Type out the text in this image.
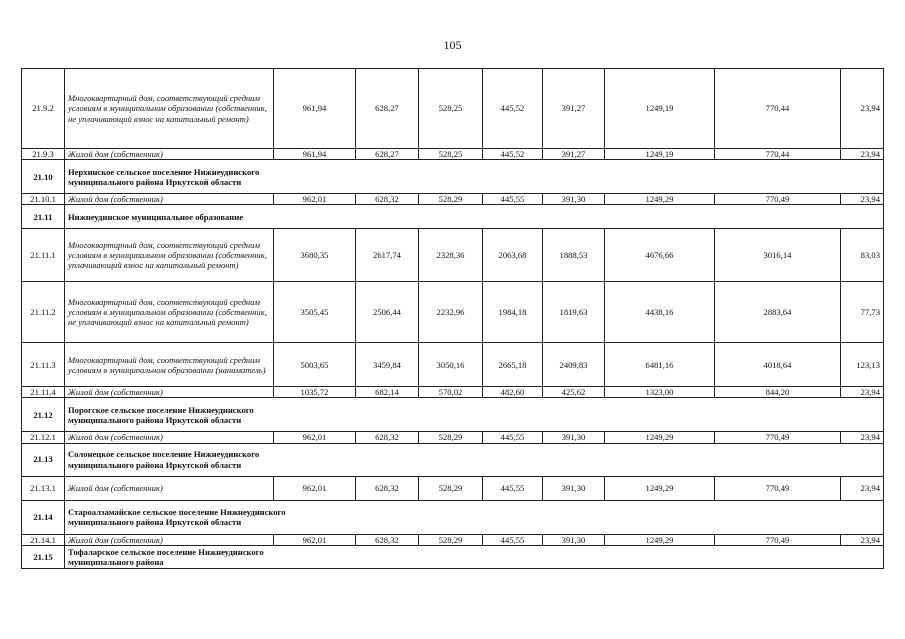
105
21.9.2	Многоквартирный дом, соответствующий средним условиям в муниципальном образовании (собственник, не уплачивающий взнос на капитальный ремонт)	961,94	628,27	528,25	445,52	391,27	1249,19	770,44	23,94
21.9.3	Жилой дом (собственник)	961,94	628,27	528,25	445,52	391,27	1249,19	770,44	23,94
21.10	Нерхинское сельское поселение Нижнеудинского муниципального района Иркутской области								
21.10.1	Жилой дом (собственник)	962,01	628,32	528,29	445,55	391,30	1249,29	770,49	23,94
21.11	Нижнеудинское муниципальное образование								
21.11.1	Многоквартирный дом, соответствующий средним условиям в муниципальном образовании (собственник, уплачивающий взнос на капитальный ремонт)	3680,35	2617,74	2328,36	2063,68	1888,53	4676,66	3016,14	83,03
21.11.2	Многоквартирный дом, соответствующий средним условиям в муниципальном образовании (собственник, не уплачивающий взнос на капитальный ремонт)	3505,45	2506,44	2232,96	1984,18	1819,63	4438,16	2883,64	77,73
21.11.3	Многоквартирный дом, соответствующий средним условиям в муниципальном образовании (наниматель)	5003,65	3459,84	3050,16	2665,18	2409,83	6481,16	4018,64	123,13
21.11.4	Жилой дом (собственник)	1035,72	682,14	570,02	482,60	425,62	1323,00	844,20	23,94
21.12	Порогское сельское поселение Нижнеудинского муниципального района Иркутской области								
21.12.1	Жилой дом (собственник)	962,01	628,32	528,29	445,55	391,30	1249,29	770,49	23,94
21.13	Солонецкое сельское поселение Нижнеудинского муниципального района Иркутской области								
21.13.1	Жилой дом (собственник)	962,01	628,32	528,29	445,55	391,30	1249,29	770,49	23,94
21.14	Староалзамайское сельское поселение Нижнеудинского муниципального района Иркутской области								
21.14.1	Жилой дом (собственник)	962,01	628,32	528,29	445,55	391,30	1249,29	770,49	23,94
21.15	Тофаларское сельское поселение Нижнеудинского муниципального района								
